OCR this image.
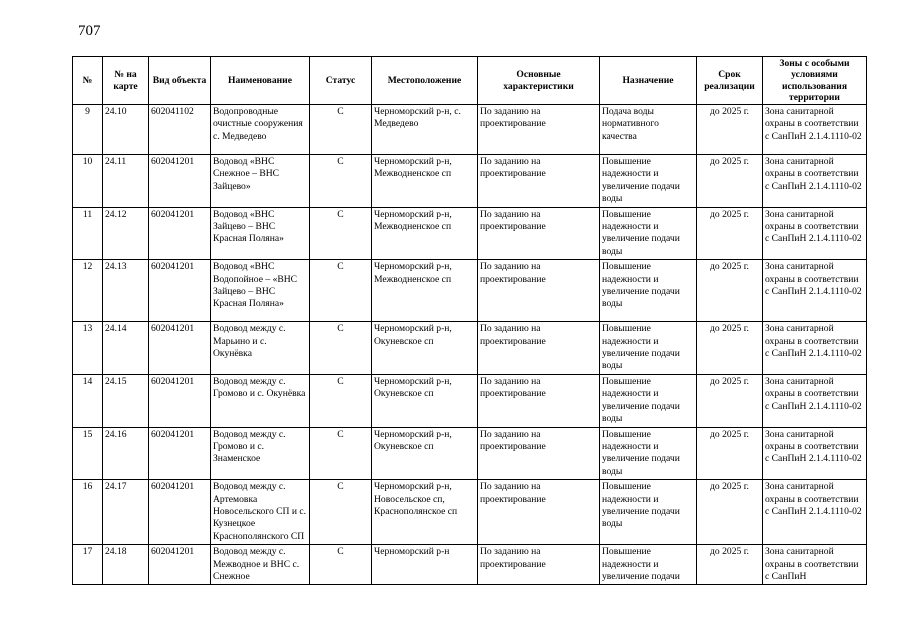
707
№	№ на карте	Вид объекта	Наименование	Статус	Местоположение	Основные характеристики	Назначение	Срок реализации	Зоны с особыми условиями использования территории
9	24.10	602041102	Водопроводные очистные сооружения с. Медведево	С	Черноморский р-н, с. Медведево	По заданию на проектирование	Подача воды нормативного качества	до 2025 г.	Зона санитарной охраны в соответствии с СанПиН 2.1.4.1110-02
10	24.11	602041201	Водовод «ВНС Снежное – ВНС Зайцево»	С	Черноморский р-н, Межводненское сп	По заданию на проектирование	Повышение надежности и увеличение подачи воды	до 2025 г.	Зона санитарной охраны в соответствии с СанПиН 2.1.4.1110-02
11	24.12	602041201	Водовод «ВНС Зайцево – ВНС Красная Поляна»	С	Черноморский р-н, Межводненское сп	По заданию на проектирование	Повышение надежности и увеличение подачи воды	до 2025 г.	Зона санитарной охраны в соответствии с СанПиН 2.1.4.1110-02
12	24.13	602041201	Водовод «ВНС Водопойное – «ВНС Зайцево – ВНС Красная Поляна»	С	Черноморский р-н, Межводненское сп	По заданию на проектирование	Повышение надежности и увеличение подачи воды	до 2025 г.	Зона санитарной охраны в соответствии с СанПиН 2.1.4.1110-02
13	24.14	602041201	Водовод между с. Марьино и с. Окунёвка	С	Черноморский р-н, Окуневское сп	По заданию на проектирование	Повышение надежности и увеличение подачи воды	до 2025 г.	Зона санитарной охраны в соответствии с СанПиН 2.1.4.1110-02
14	24.15	602041201	Водовод между с. Громово и с. Окунёвка	С	Черноморский р-н, Окуневское сп	По заданию на проектирование	Повышение надежности и увеличение подачи воды	до 2025 г.	Зона санитарной охраны в соответствии с СанПиН 2.1.4.1110-02
15	24.16	602041201	Водовод между с. Громово и с. Знаменское	С	Черноморский р-н, Окуневское сп	По заданию на проектирование	Повышение надежности и увеличение подачи воды	до 2025 г.	Зона санитарной охраны в соответствии с СанПиН 2.1.4.1110-02
16	24.17	602041201	Водовод между с. Артемовка Новосельского СП и с. Кузнецкое Краснополянского СП	С	Черноморский р-н, Новосельское сп, Краснополянское сп	По заданию на проектирование	Повышение надежности и увеличение подачи воды	до 2025 г.	Зона санитарной охраны в соответствии с СанПиН 2.1.4.1110-02
17	24.18	602041201	Водовод между с. Межводное и ВНС с. Снежное	С	Черноморский р-н	По заданию на проектирование	Повышение надежности и увеличение подачи	до 2025 г.	Зона санитарной охраны в соответствии с СанПиН
